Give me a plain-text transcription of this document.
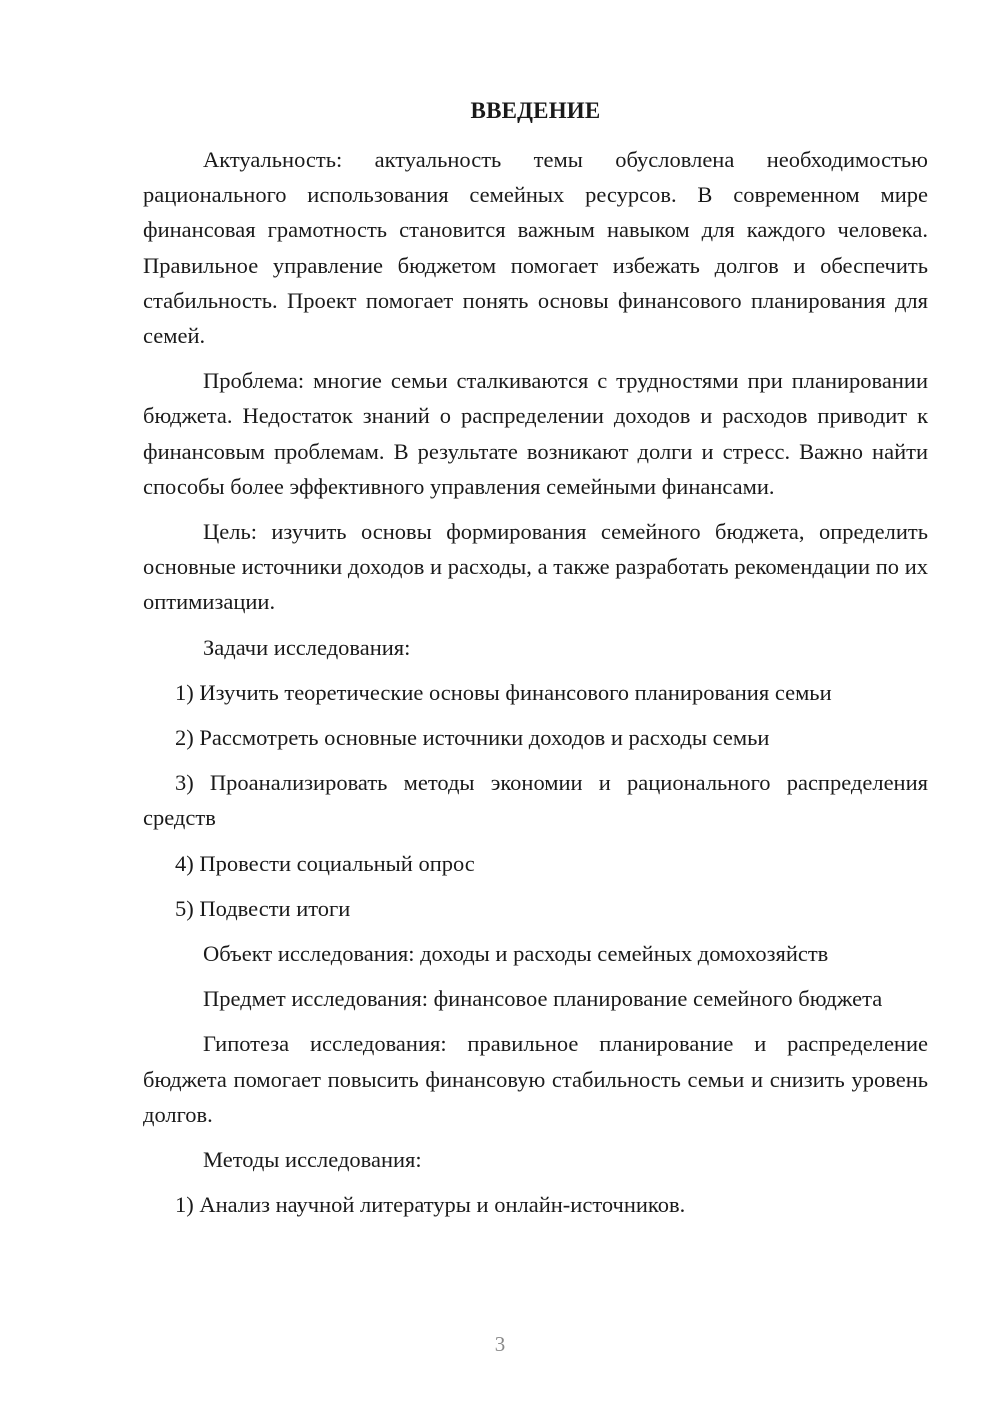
ВВЕДЕНИЕ

Актуальность: актуальность темы обусловлена необходимостью рационального использования семейных ресурсов. В современном мире финансовая грамотность становится важным навыком для каждого человека. Правильное управление бюджетом помогает избежать долгов и обеспечить стабильность. Проект помогает понять основы финансового планирования для семей.

Проблема: многие семьи сталкиваются с трудностями при планировании бюджета. Недостаток знаний о распределении доходов и расходов приводит к финансовым проблемам. В результате возникают долги и стресс. Важно найти способы более эффективного управления семейными финансами.

Цель: изучить основы формирования семейного бюджета, определить основные источники доходов и расходы, а также разработать рекомендации по их оптимизации.

Задачи исследования:

1) Изучить теоретические основы финансового планирования семьи

2) Рассмотреть основные источники доходов и расходы семьи

3) Проанализировать методы экономии и рационального распределения средств

4) Провести социальный опрос

5) Подвести итоги

Объект исследования: доходы и расходы семейных домохозяйств

Предмет исследования: финансовое планирование семейного бюджета

Гипотеза исследования: правильное планирование и распределение бюджета помогает повысить финансовую стабильность семьи и снизить уровень долгов.

Методы исследования:

1) Анализ научной литературы и онлайн-источников.

3
